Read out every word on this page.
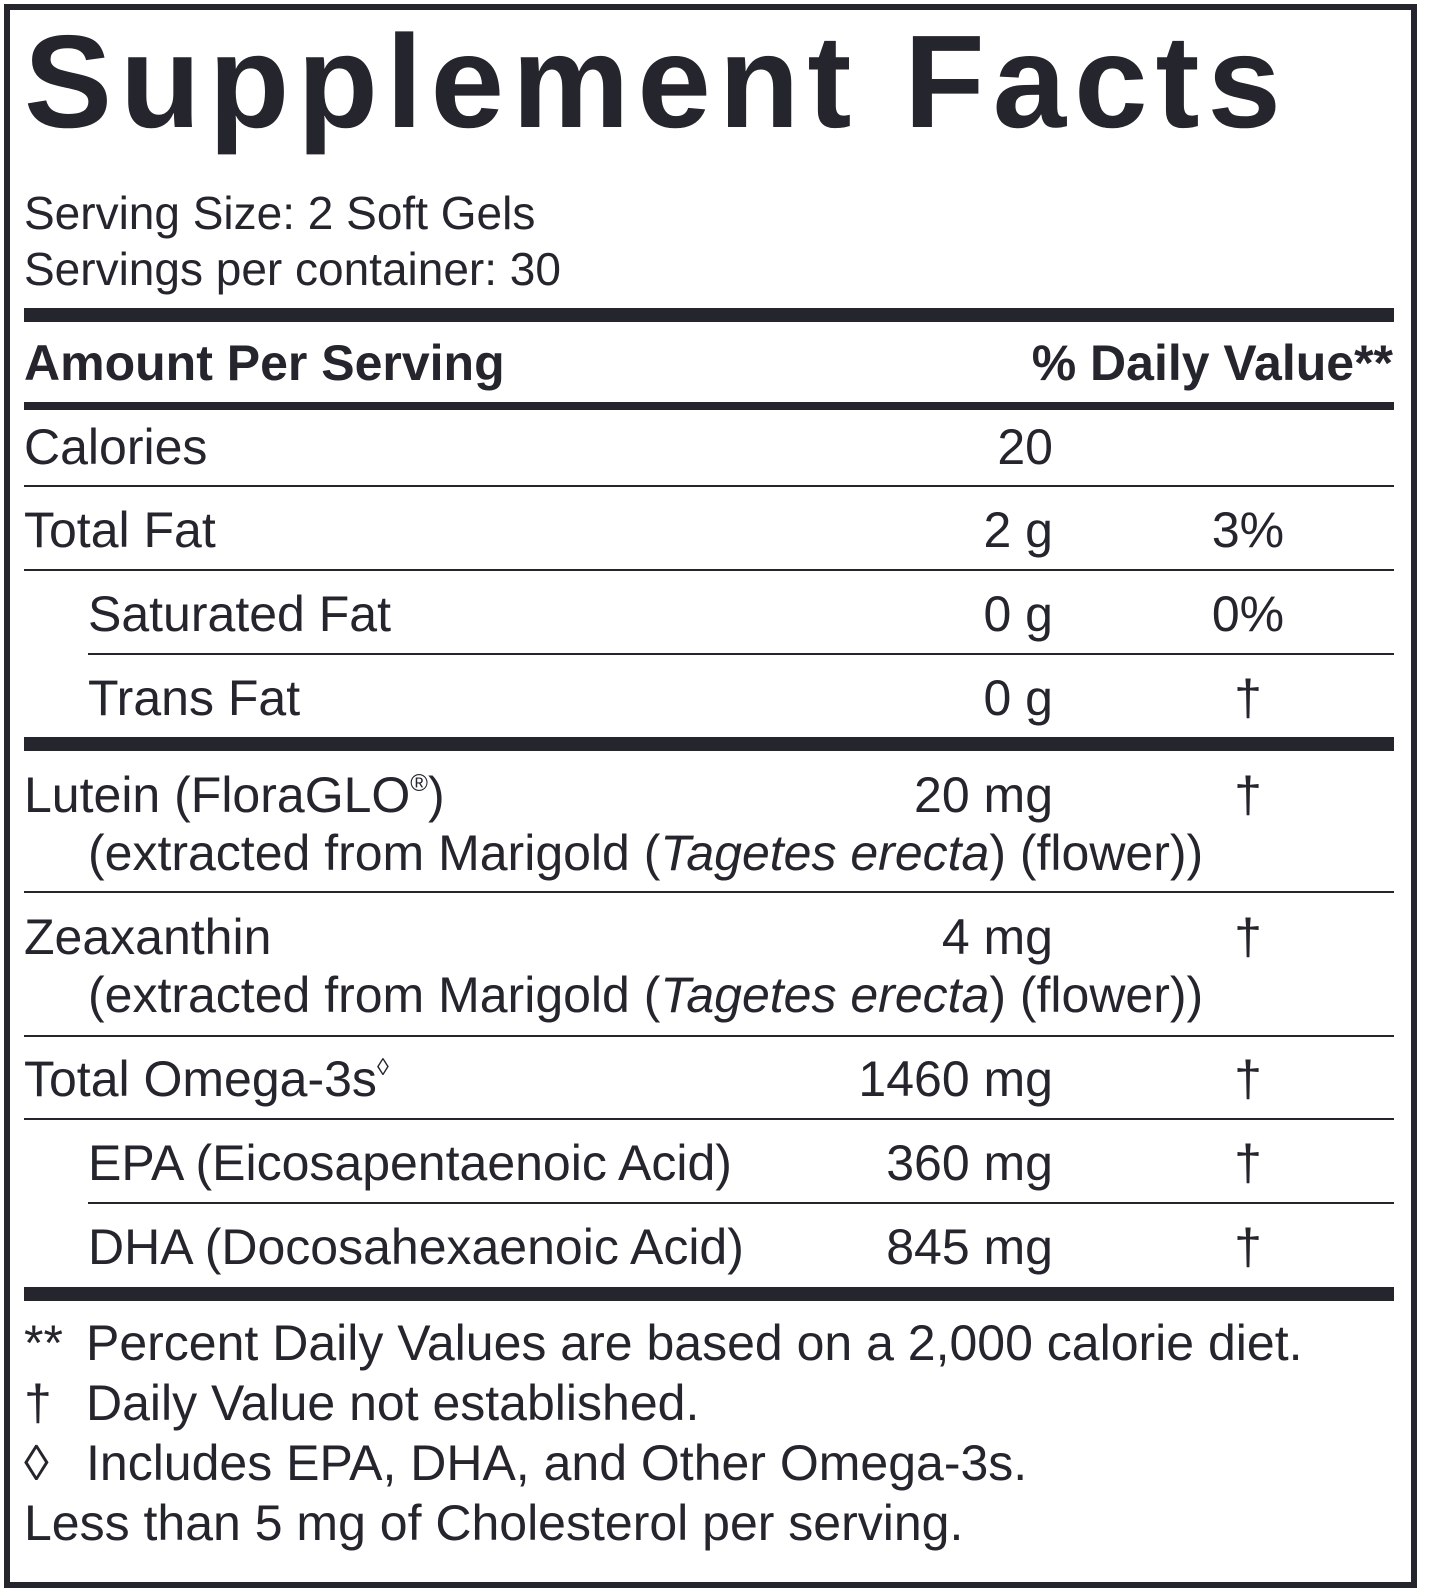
Supplement Facts
Serving Size: 2 Soft Gels
Servings per container: 30
Amount Per Serving	% Daily Value**
Calories	20
Total Fat	2 g	3%
Saturated Fat	0 g	0%
Trans Fat	0 g	†
Lutein (FloraGLO®)	20 mg	†
(extracted from Marigold (Tagetes erecta) (flower))
Zeaxanthin	4 mg	†
(extracted from Marigold (Tagetes erecta) (flower))
Total Omega-3s◊	1460 mg	†
EPA (Eicosapentaenoic Acid)	360 mg	†
DHA (Docosahexaenoic Acid)	845 mg	†
** Percent Daily Values are based on a 2,000 calorie diet.
† Daily Value not established.
◊ Includes EPA, DHA, and Other Omega-3s.
Less than 5 mg of Cholesterol per serving.
